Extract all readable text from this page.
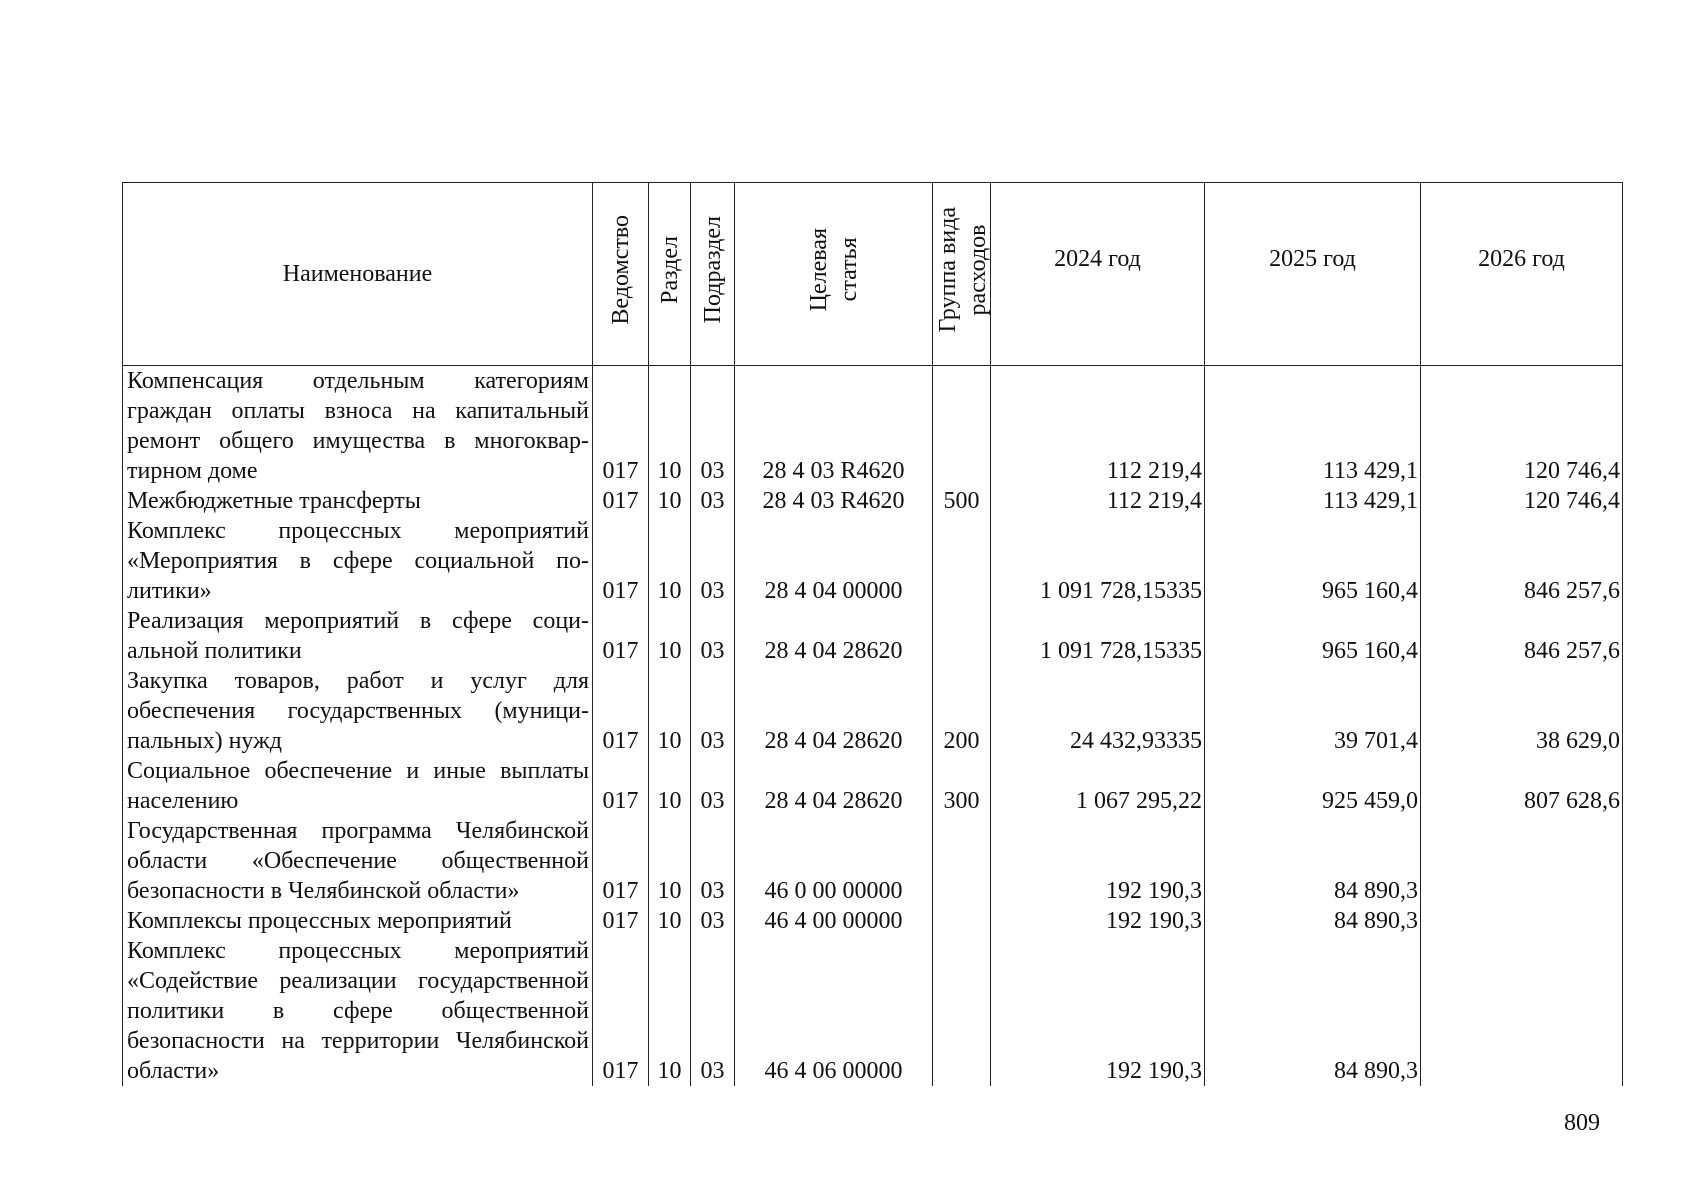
Наименование	Ведомство	Раздел	Подраздел	Целевая статья	Группа вида расходов	2024 год	2025 год	2026 год
Компенсация отдельным категориям граждан оплаты взноса на капитальный ремонт общего имущества в многоквартирном доме	017	10	03	28 4 03 R4620		112 219,4	113 429,1	120 746,4
Межбюджетные трансферты	017	10	03	28 4 03 R4620	500	112 219,4	113 429,1	120 746,4
Комплекс процессных мероприятий «Мероприятия в сфере социальной политики»	017	10	03	28 4 04 00000		1 091 728,15335	965 160,4	846 257,6
Реализация мероприятий в сфере социальной политики	017	10	03	28 4 04 28620		1 091 728,15335	965 160,4	846 257,6
Закупка товаров, работ и услуг для обеспечения государственных (муниципальных) нужд	017	10	03	28 4 04 28620	200	24 432,93335	39 701,4	38 629,0
Социальное обеспечение и иные выплаты населению	017	10	03	28 4 04 28620	300	1 067 295,22	925 459,0	807 628,6
Государственная программа Челябинской области «Обеспечение общественной безопасности в Челябинской области»	017	10	03	46 0 00 00000		192 190,3	84 890,3	
Комплексы процессных мероприятий	017	10	03	46 4 00 00000		192 190,3	84 890,3	
Комплекс процессных мероприятий «Содействие реализации государственной политики в сфере общественной безопасности на территории Челябинской области»	017	10	03	46 4 06 00000		192 190,3	84 890,3	
809
